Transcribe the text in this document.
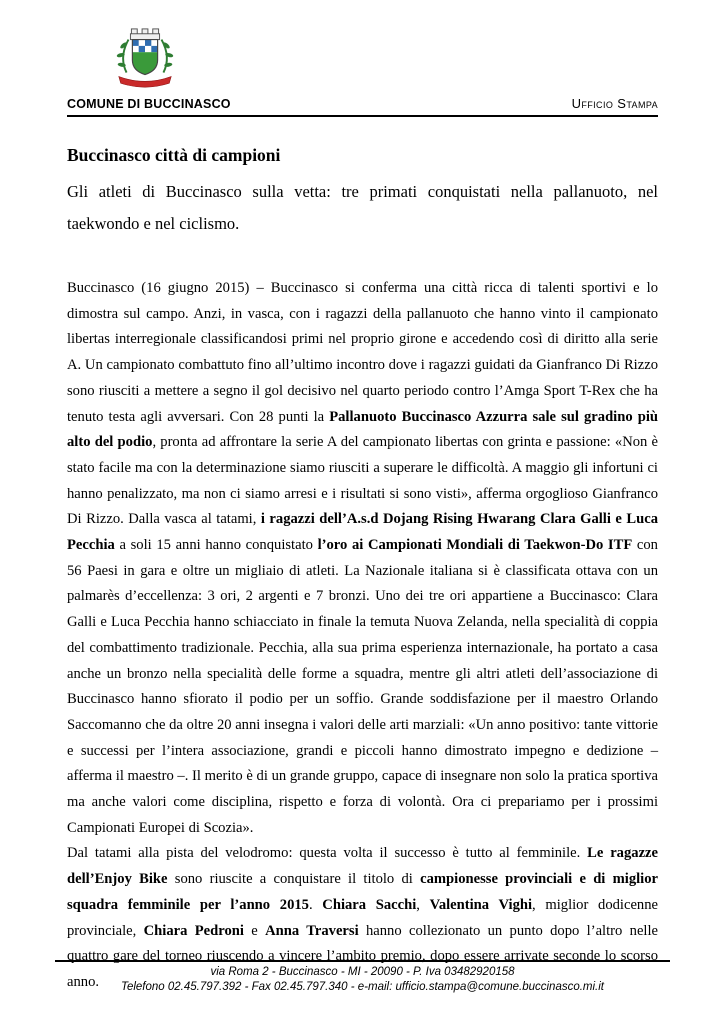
COMUNE DI BUCCINASCO	Ufficio Stampa
Buccinasco città di campioni

Gli atleti di Buccinasco sulla vetta: tre primati conquistati nella pallanuoto, nel taekwondo e nel ciclismo.

Buccinasco (16 giugno 2015) – Buccinasco si conferma una città ricca di talenti sportivi e lo dimostra sul campo. Anzi, in vasca, con i ragazzi della pallanuoto che hanno vinto il campionato libertas interregionale classificandosi primi nel proprio girone e accedendo così di diritto alla serie A. Un campionato combattuto fino all’ultimo incontro dove i ragazzi guidati da Gianfranco Di Rizzo sono riusciti a mettere a segno il gol decisivo nel quarto periodo contro l’Amga Sport T-Rex che ha tenuto testa agli avversari. Con 28 punti la Pallanuoto Buccinasco Azzurra sale sul gradino più alto del podio, pronta ad affrontare la serie A del campionato libertas con grinta e passione: «Non è stato facile ma con la determinazione siamo riusciti a superare le difficoltà. A maggio gli infortuni ci hanno penalizzato, ma non ci siamo arresi e i risultati si sono visti», afferma orgoglioso Gianfranco Di Rizzo. Dalla vasca al tatami, i ragazzi dell’A.s.d Dojang Rising Hwarang Clara Galli e Luca Pecchia a soli 15 anni hanno conquistato l’oro ai Campionati Mondiali di Taekwon-Do ITF con 56 Paesi in gara e oltre un migliaio di atleti. La Nazionale italiana si è classificata ottava con un palmarès d’eccellenza: 3 ori, 2 argenti e 7 bronzi. Uno dei tre ori appartiene a Buccinasco: Clara Galli e Luca Pecchia hanno schiacciato in finale la temuta Nuova Zelanda, nella specialità di coppia del combattimento tradizionale. Pecchia, alla sua prima esperienza internazionale, ha portato a casa anche un bronzo nella specialità delle forme a squadra, mentre gli altri atleti dell’associazione di Buccinasco hanno sfiorato il podio per un soffio. Grande soddisfazione per il maestro Orlando Saccomanno che da oltre 20 anni insegna i valori delle arti marziali: «Un anno positivo: tante vittorie e successi per l’intera associazione, grandi e piccoli hanno dimostrato impegno e dedizione – afferma il maestro –. Il merito è di un grande gruppo, capace di insegnare non solo la pratica sportiva ma anche valori come disciplina, rispetto e forza di volontà. Ora ci prepariamo per i prossimi Campionati Europei di Scozia».

Dal tatami alla pista del velodromo: questa volta il successo è tutto al femminile. Le ragazze dell’Enjoy Bike sono riuscite a conquistare il titolo di campionesse provinciali e di miglior squadra femminile per l’anno 2015. Chiara Sacchi, Valentina Vighi, miglior dodicenne provinciale, Chiara Pedroni e Anna Traversi hanno collezionato un punto dopo l’altro nelle quattro gare del torneo riuscendo a vincere l’ambito premio, dopo essere arrivate seconde lo scorso anno.

via Roma 2 - Buccinasco - MI - 20090 - P. Iva 03482920158
Telefono 02.45.797.392 - Fax 02.45.797.340 - e-mail: ufficio.stampa@comune.buccinasco.mi.it
